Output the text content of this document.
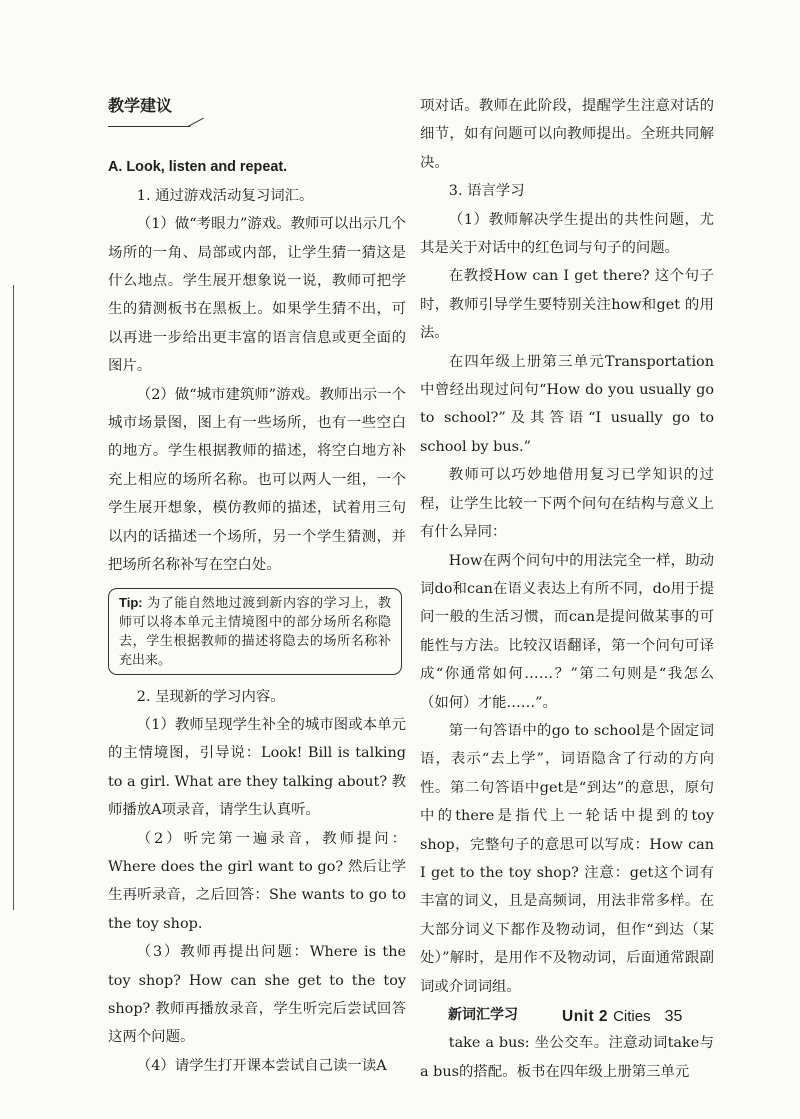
教学建议

A. Look, listen and repeat.

1. 通过游戏活动复习词汇。

（1）做“考眼力”游戏。教师可以出示几个场所的一角、局部或内部，让学生猜一猜这是什么地点。学生展开想象说一说，教师可把学生的猜测板书在黑板上。如果学生猜不出，可以再进一步给出更丰富的语言信息或更全面的图片。

（2）做“城市建筑师”游戏。教师出示一个城市场景图，图上有一些场所，也有一些空白的地方。学生根据教师的描述，将空白地方补充上相应的场所名称。也可以两人一组，一个学生展开想象，模仿教师的描述，试着用三句以内的话描述一个场所，另一个学生猜测，并把场所名称补写在空白处。

Tip: 为了能自然地过渡到新内容的学习上，教师可以将本单元主情境图中的部分场所名称隐去，学生根据教师的描述将隐去的场所名称补充出来。

2. 呈现新的学习内容。

（1）教师呈现学生补全的城市图或本单元的主情境图，引导说：Look! Bill is talking to a girl. What are they talking about? 教师播放A项录音，请学生认真听。

（2）听完第一遍录音，教师提问：Where does the girl want to go? 然后让学生再听录音，之后回答：She wants to go to the toy shop.

（3）教师再提出问题：Where is the toy shop? How can she get to the toy shop? 教师再播放录音，学生听完后尝试回答这两个问题。

（4）请学生打开课本尝试自己读一读A

项对话。教师在此阶段，提醒学生注意对话的细节，如有问题可以向教师提出。全班共同解决。

3. 语言学习

（1）教师解决学生提出的共性问题，尤其是关于对话中的红色词与句子的问题。

在教授How can I get there? 这个句子时，教师引导学生要特别关注how和get 的用法。

在四年级上册第三单元Transportation中曾经出现过问句“How do you usually go to school?”及其答语“I usually go to school by bus.”

教师可以巧妙地借用复习已学知识的过程，让学生比较一下两个问句在结构与意义上有什么异同：

How在两个问句中的用法完全一样，助动词do和can在语义表达上有所不同，do用于提问一般的生活习惯，而can是提问做某事的可能性与方法。比较汉语翻译，第一个问句可译成“你通常如何……？”第二句则是“我怎么（如何）才能……”。

第一句答语中的go to school是个固定词语，表示“去上学”，词语隐含了行动的方向性。第二句答语中get是“到达”的意思，原句中的there是指代上一轮话中提到的toy shop，完整句子的意思可以写成：How can I get to the toy shop? 注意：get这个词有丰富的词义，且是高频词，用法非常多样。在大部分词义下都作及物动词，但作“到达（某处）”解时，是用作不及物动词，后面通常跟副词或介词词组。

新词汇学习

take a bus: 坐公交车。注意动词take与a bus的搭配。板书在四年级上册第三单元

Unit 2 Cities 35
